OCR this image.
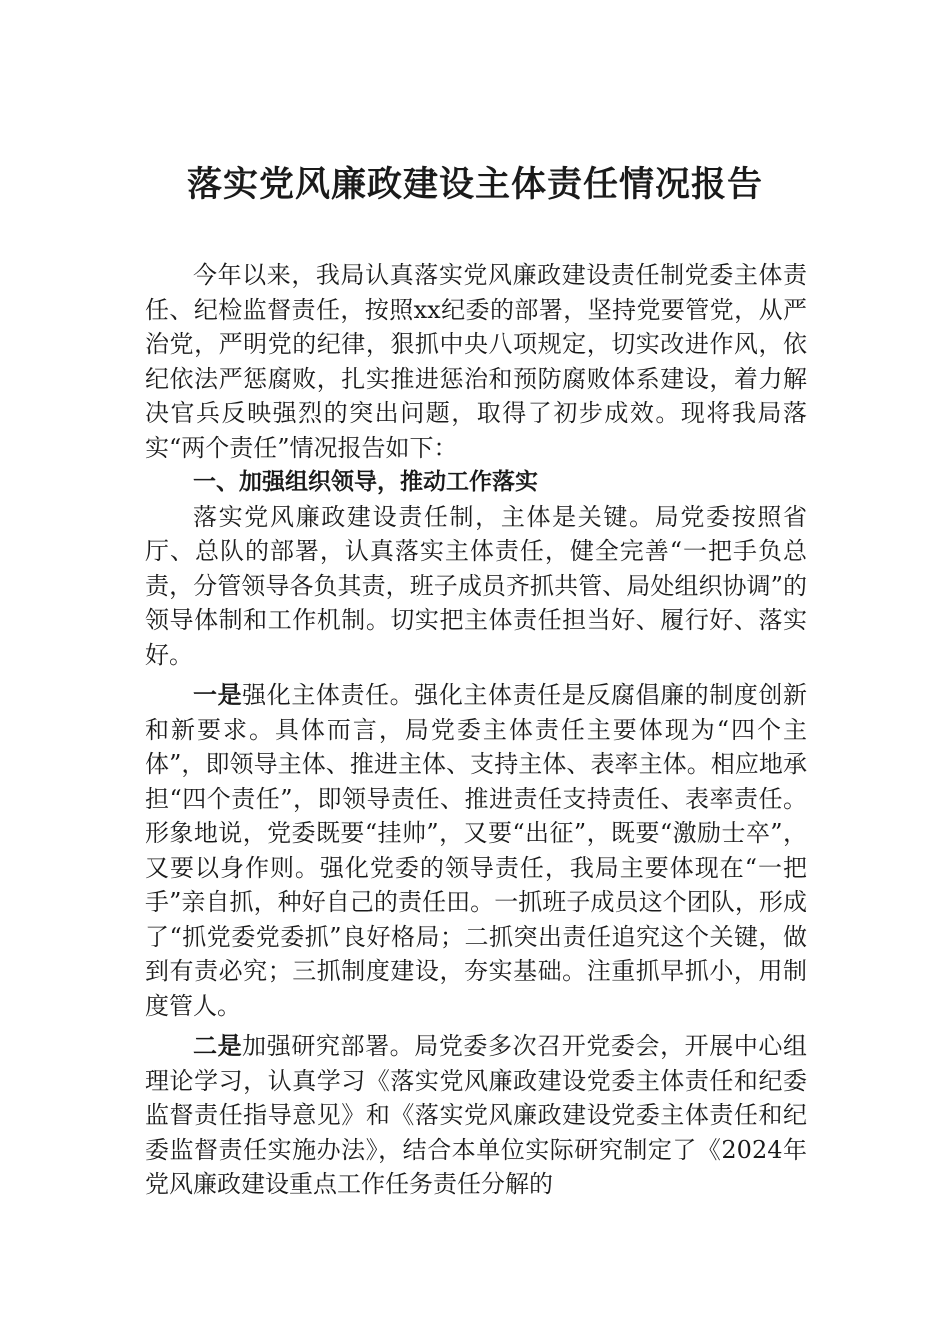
落实党风廉政建设主体责任情况报告

今年以来，我局认真落实党风廉政建设责任制党委主体责任、纪检监督责任，按照xx纪委的部署，坚持党要管党，从严治党，严明党的纪律，狠抓中央八项规定，切实改进作风，依纪依法严惩腐败，扎实推进惩治和预防腐败体系建设，着力解决官兵反映强烈的突出问题，取得了初步成效。现将我局落实“两个责任”情况报告如下：

一、加强组织领导，推动工作落实

落实党风廉政建设责任制，主体是关键。局党委按照省厅、总队的部署，认真落实主体责任，健全完善“一把手负总责，分管领导各负其责，班子成员齐抓共管、局处组织协调”的领导体制和工作机制。切实把主体责任担当好、履行好、落实好。

一是强化主体责任。强化主体责任是反腐倡廉的制度创新和新要求。具体而言，局党委主体责任主要体现为“四个主体”，即领导主体、推进主体、支持主体、表率主体。相应地承担“四个责任”，即领导责任、推进责任支持责任、表率责任。形象地说，党委既要“挂帅”，又要“出征”，既要“激励士卒”，又要以身作则。强化党委的领导责任，我局主要体现在“一把手”亲自抓，种好自己的责任田。一抓班子成员这个团队，形成了“抓党委党委抓”良好格局；二抓突出责任追究这个关键，做到有责必究；三抓制度建设，夯实基础。注重抓早抓小，用制度管人。

二是加强研究部署。局党委多次召开党委会，开展中心组理论学习，认真学习《落实党风廉政建设党委主体责任和纪委监督责任指导意见》和《落实党风廉政建设党委主体责任和纪委监督责任实施办法》，结合本单位实际研究制定了《2024年党风廉政建设重点工作任务责任分解的
